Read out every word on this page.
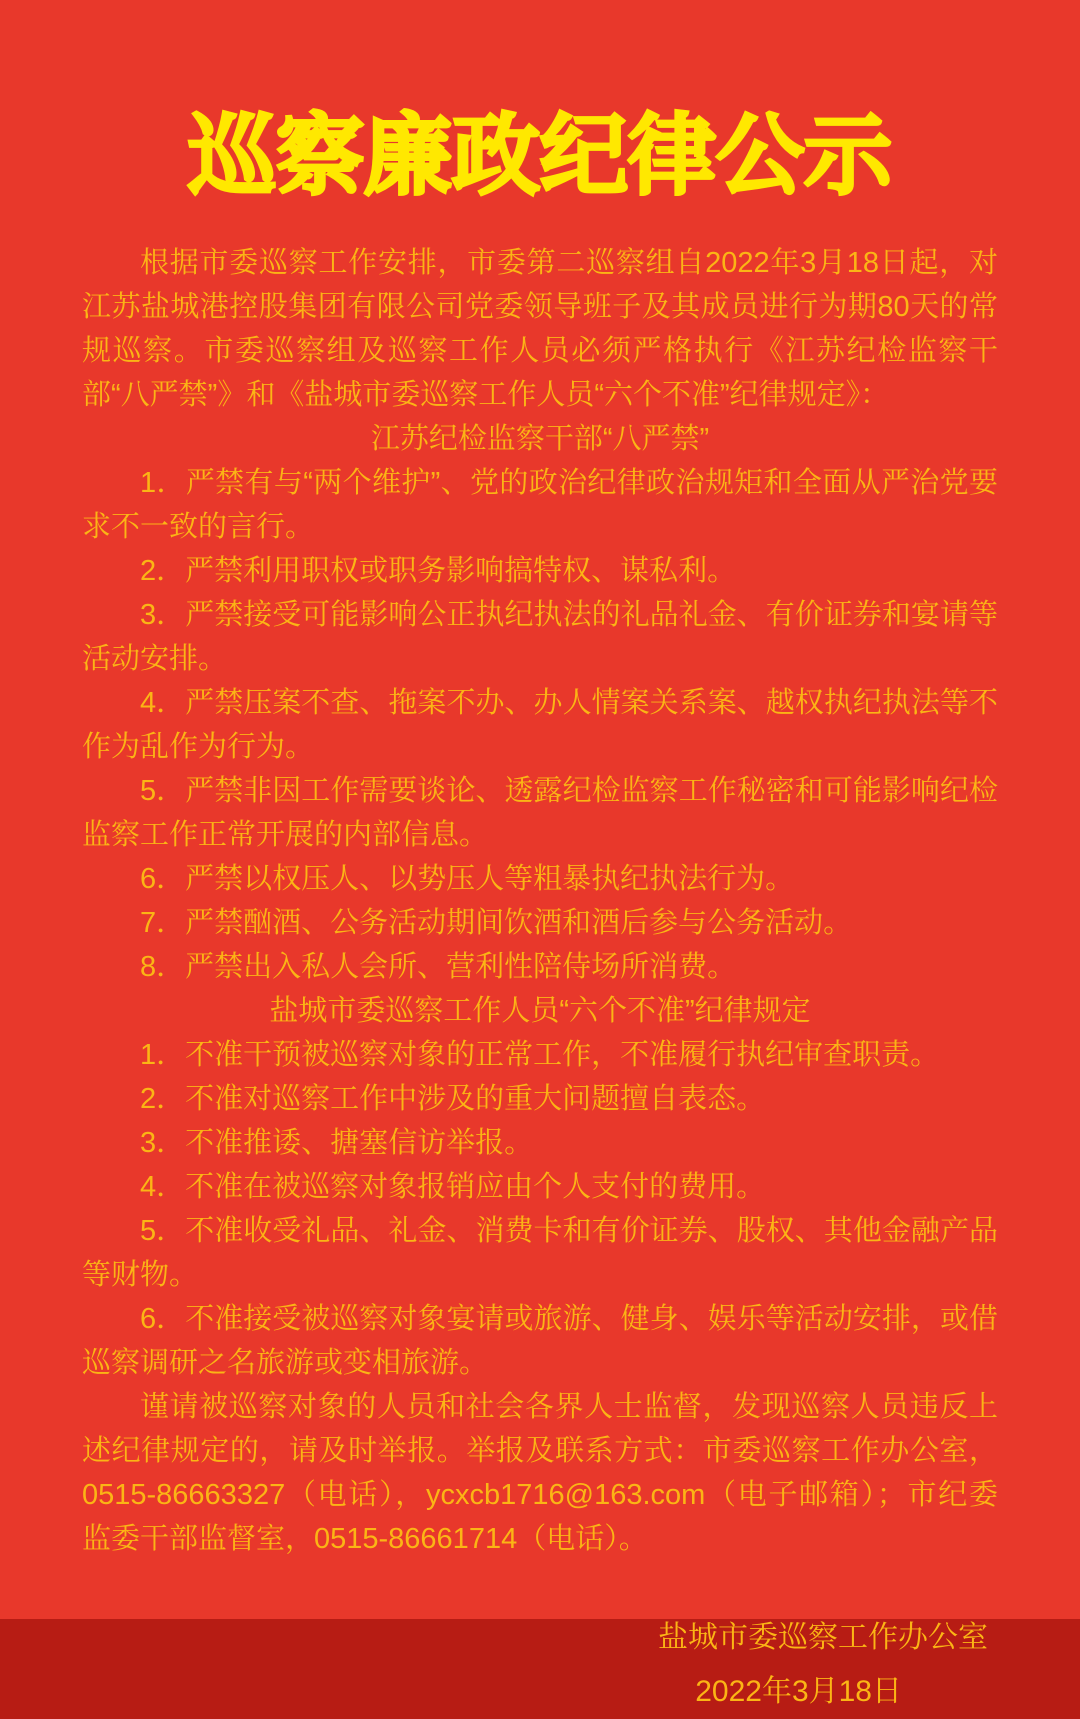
巡察廉政纪律公示

根据市委巡察工作安排，市委第二巡察组自2022年3月18日起，对江苏盐城港控股集团有限公司党委领导班子及其成员进行为期80天的常规巡察。市委巡察组及巡察工作人员必须严格执行《江苏纪检监察干部“八严禁”》和《盐城市委巡察工作人员“六个不准”纪律规定》：

江苏纪检监察干部“八严禁”

1．严禁有与“两个维护”、党的政治纪律政治规矩和全面从严治党要求不一致的言行。

2．严禁利用职权或职务影响搞特权、谋私利。

3．严禁接受可能影响公正执纪执法的礼品礼金、有价证券和宴请等活动安排。

4．严禁压案不查、拖案不办、办人情案关系案、越权执纪执法等不作为乱作为行为。

5．严禁非因工作需要谈论、透露纪检监察工作秘密和可能影响纪检监察工作正常开展的内部信息。

6．严禁以权压人、以势压人等粗暴执纪执法行为。

7．严禁酗酒、公务活动期间饮酒和酒后参与公务活动。

8．严禁出入私人会所、营利性陪侍场所消费。

盐城市委巡察工作人员“六个不准”纪律规定

1．不准干预被巡察对象的正常工作，不准履行执纪审查职责。

2．不准对巡察工作中涉及的重大问题擅自表态。

3．不准推诿、搪塞信访举报。

4．不准在被巡察对象报销应由个人支付的费用。

5．不准收受礼品、礼金、消费卡和有价证券、股权、其他金融产品等财物。

6．不准接受被巡察对象宴请或旅游、健身、娱乐等活动安排，或借巡察调研之名旅游或变相旅游。

谨请被巡察对象的人员和社会各界人士监督，发现巡察人员违反上述纪律规定的，请及时举报。举报及联系方式：市委巡察工作办公室，0515-86663327（电话），ycxcb1716@163.com（电子邮箱）；市纪委监委干部监督室，0515-86661714（电话）。

盐城市委巡察工作办公室
2022年3月18日
